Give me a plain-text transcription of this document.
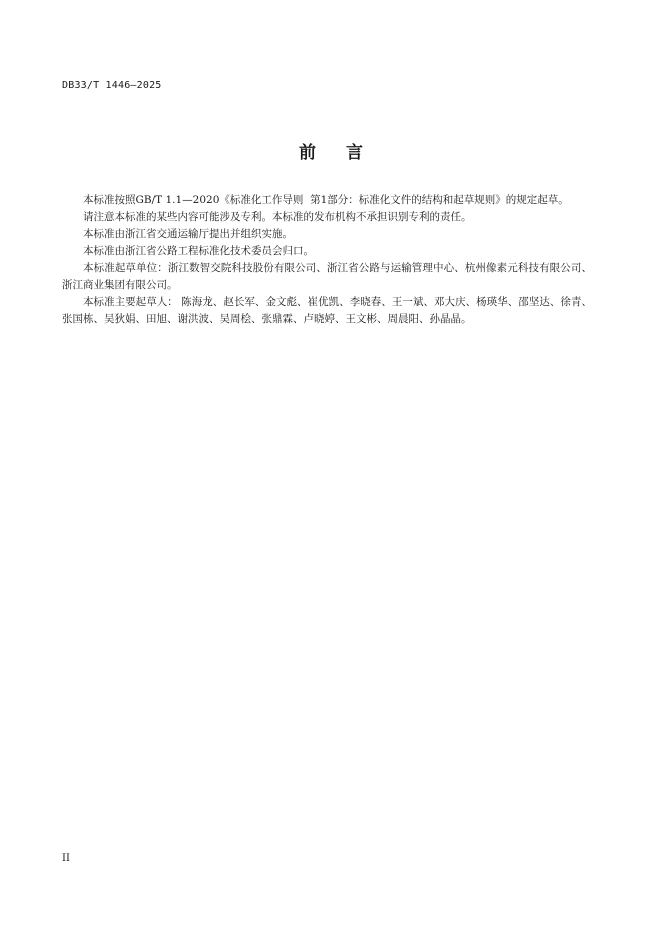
DB33/T 1446—2025
前言

本标准按照GB/T 1.1—2020《标准化工作导则  第1部分：标准化文件的结构和起草规则》的规定起草。

请注意本标准的某些内容可能涉及专利。本标准的发布机构不承担识别专利的责任。

本标准由浙江省交通运输厅提出并组织实施。

本标准由浙江省公路工程标准化技术委员会归口。

本标准起草单位：浙江数智交院科技股份有限公司、浙江省公路与运输管理中心、杭州像素元科技有限公司、浙江商业集团有限公司。

本标准主要起草人： 陈海龙、赵长军、金文彪、崔优凯、李晓春、王一斌、邓大庆、杨瑛华、邵坚达、徐青、张国栋、吴狄娟、田旭、谢洪波、吴周桧、张鼎霖、卢晓婷、王文彬、周晨阳、孙晶晶。

II
